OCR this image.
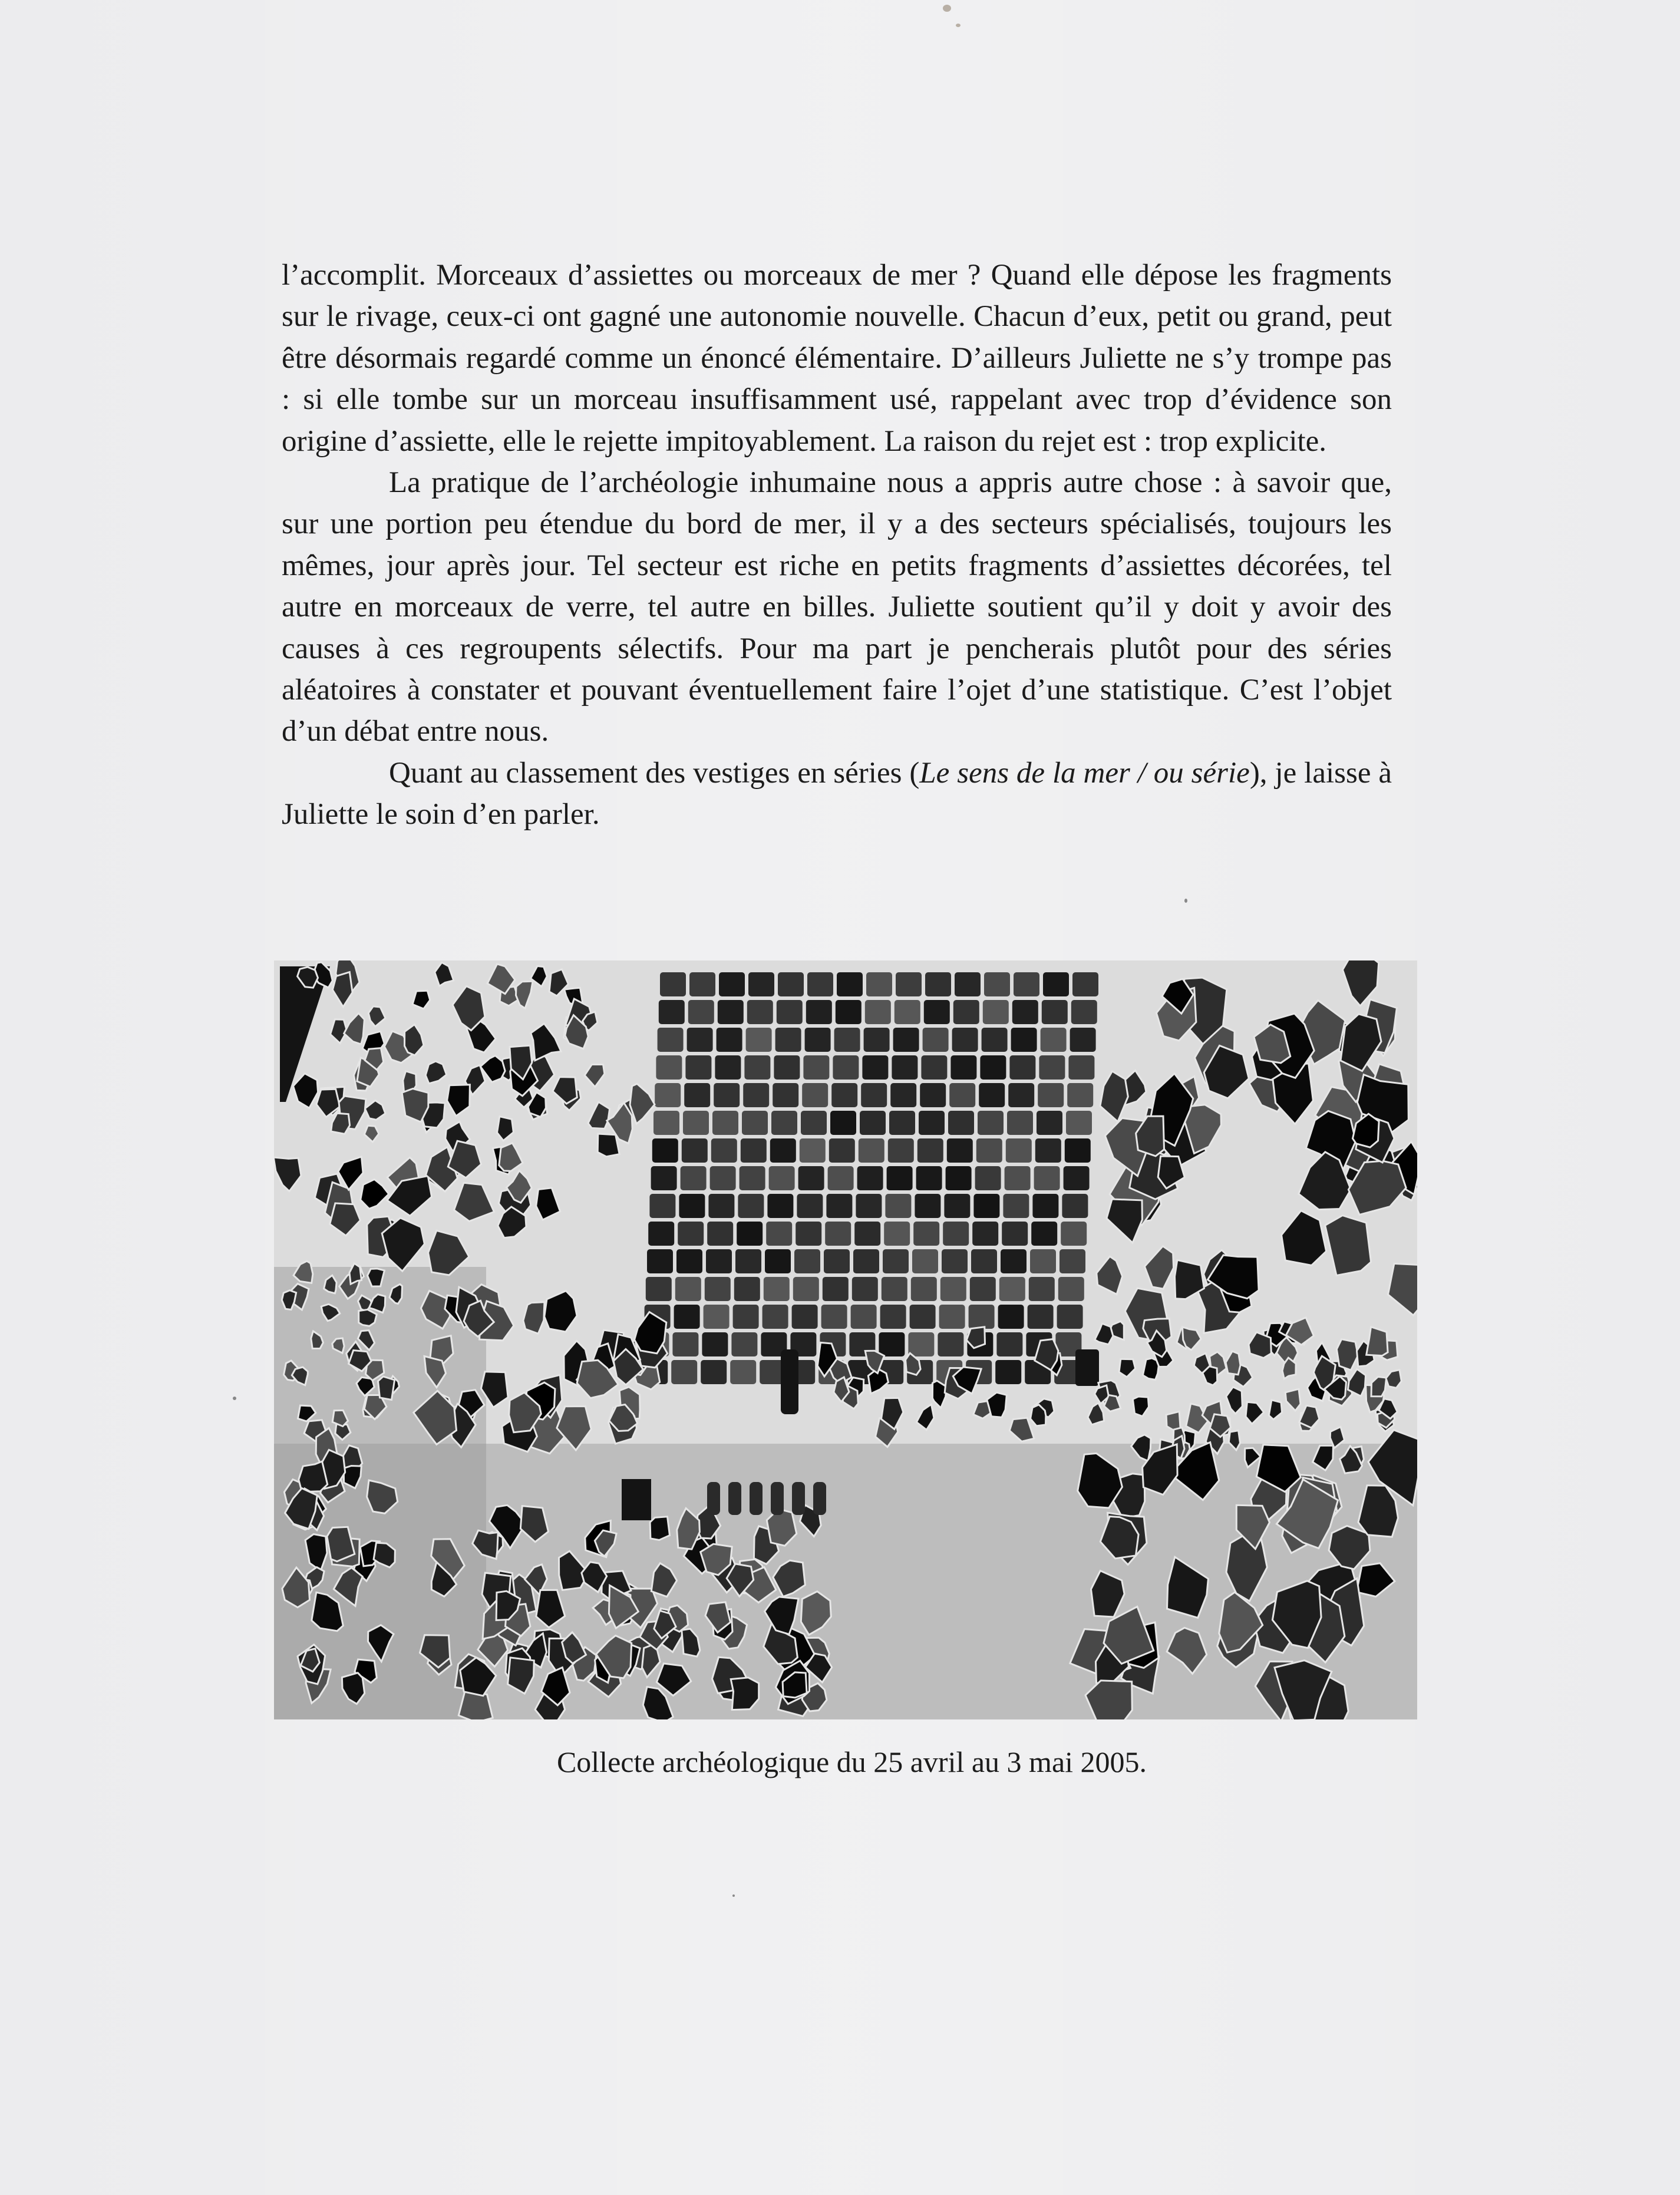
l’accomplit. Morceaux d’assiettes ou morceaux de mer ? Quand elle dépose les fragments sur le rivage, ceux-ci ont gagné une autonomie nouvelle. Chacun d’eux, petit ou grand, peut être désormais regardé comme un énoncé élémentaire. D’ailleurs Juliette ne s’y trompe pas : si elle tombe sur un morceau insuffisamment usé, rappelant avec trop d’évidence son origine d’assiette, elle le rejette impitoyablement. La raison du rejet est : trop explicite.

La pratique de l’archéologie inhumaine nous a appris autre chose : à savoir que, sur une portion peu étendue du bord de mer, il y a des secteurs spécialisés, toujours les mêmes, jour après jour. Tel secteur est riche en petits fragments d’assiettes décorées, tel autre en morceaux de verre, tel autre en billes. Juliette soutient qu’il y doit y avoir des causes à ces regroupents sélectifs. Pour ma part je pencherais plutôt pour des séries aléatoires à constater et pouvant éventuellement faire l’ojet d’une statistique. C’est l’objet d’un débat entre nous.

Quant au classement des vestiges en séries (Le sens de la mer / ou série), je laisse à Juliette le soin d’en parler.

Collecte archéologique du 25 avril au 3 mai 2005.
